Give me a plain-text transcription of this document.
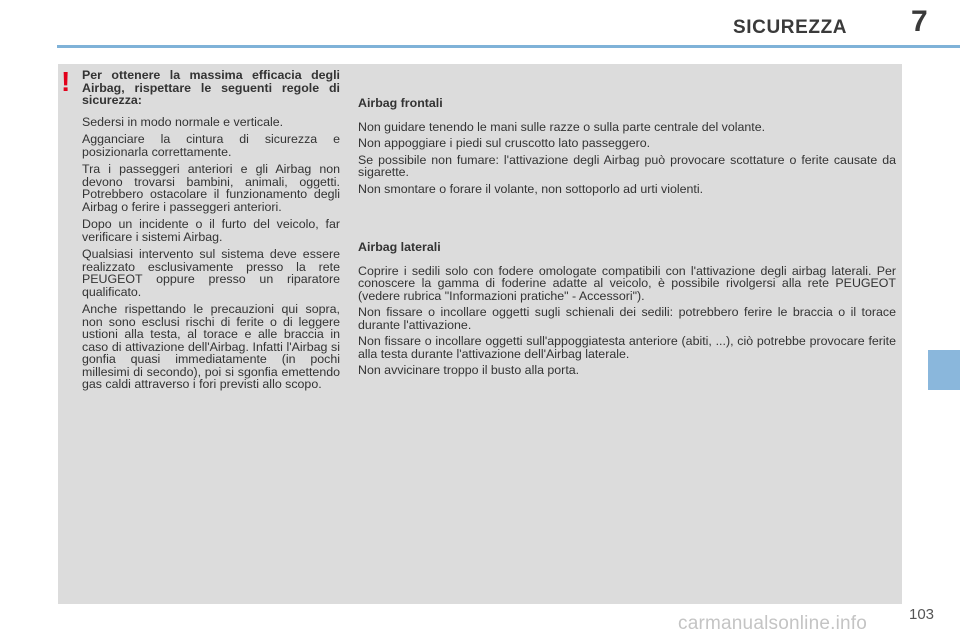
SICUREZZA 7
! Per ottenere la massima efficacia degli Airbag, rispettare le seguenti regole di sicurezza:

Sedersi in modo normale e verticale.

Agganciare la cintura di sicurezza e posizionarla correttamente.

Tra i passeggeri anteriori e gli Airbag non devono trovarsi bambini, animali, oggetti. Potrebbero ostacolare il funzionamento degli Airbag o ferire i passeggeri anteriori.

Dopo un incidente o il furto del veicolo, far verificare i sistemi Airbag.

Qualsiasi intervento sul sistema deve essere realizzato esclusivamente presso la rete PEUGEOT oppure presso un riparatore qualificato.

Anche rispettando le precauzioni qui sopra, non sono esclusi rischi di ferite o di leggere ustioni alla testa, al torace e alle braccia in caso di attivazione dell'Airbag. Infatti l'Airbag si gonfia quasi immediatamente (in pochi millesimi di secondo), poi si sgonfia emettendo gas caldi attraverso i fori previsti allo scopo.

Airbag frontali

Non guidare tenendo le mani sulle razze o sulla parte centrale del volante.

Non appoggiare i piedi sul cruscotto lato passeggero.

Se possibile non fumare: l'attivazione degli Airbag può provocare scottature o ferite causate da sigarette.

Non smontare o forare il volante, non sottoporlo ad urti violenti.

Airbag laterali

Coprire i sedili solo con fodere omologate compatibili con l'attivazione degli airbag laterali. Per conoscere la gamma di foderine adatte al veicolo, è possibile rivolgersi alla rete PEUGEOT (vedere rubrica "Informazioni pratiche" - Accessori").

Non fissare o incollare oggetti sugli schienali dei sedili: potrebbero ferire le braccia o il torace durante l'attivazione.

Non fissare o incollare oggetti sull'appoggiatesta anteriore (abiti, ...), ciò potrebbe provocare ferite alla testa durante l'attivazione dell'Airbag laterale.

Non avvicinare troppo il busto alla porta.

103
carmanualsonline.info
